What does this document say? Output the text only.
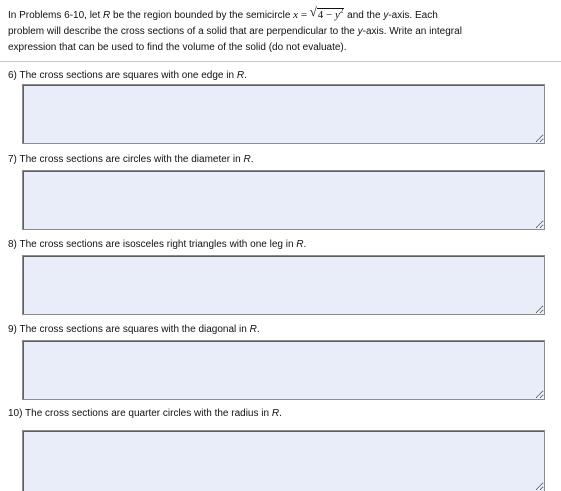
In Problems 6-10, let R be the region bounded by the semicircle x = √ $4 - y^2$ and the y-axis. Each
problem will describe the cross sections of a solid that are perpendicular to the y-axis. Write an integral
expression that can be used to find the volume of the solid (do not evaluate).
6) The cross sections are squares with one edge in R.
7) The cross sections are circles with the diameter in R.
8) The cross sections are isosceles right triangles with one leg in R.
9) The cross sections are squares with the diagonal in R.
10) The cross sections are quarter circles with the radius in R.
